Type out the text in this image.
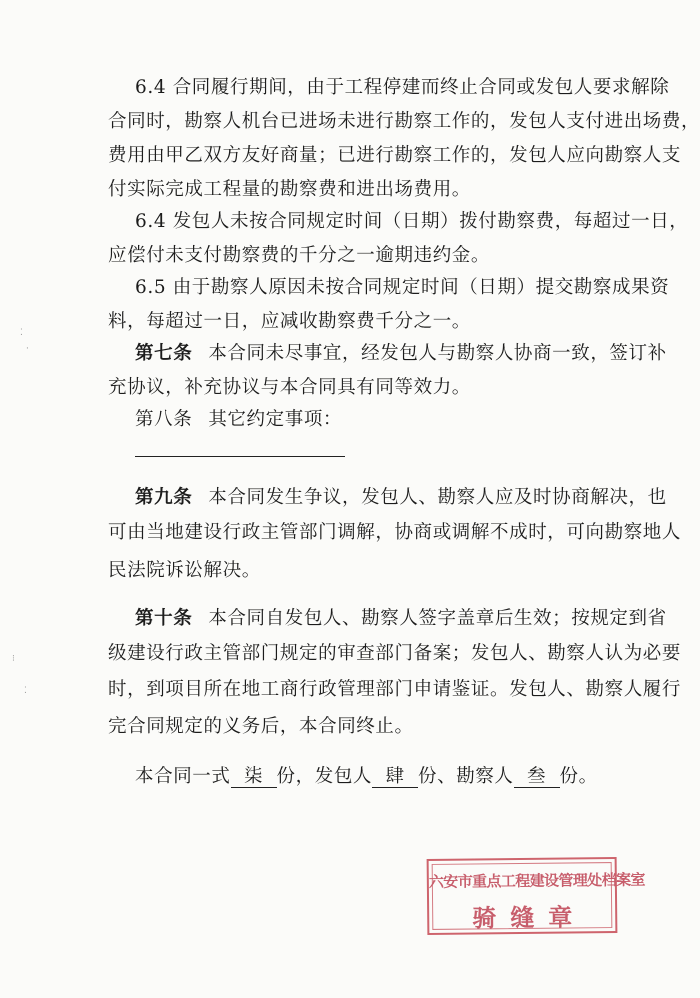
6.4 合同履行期间，由于工程停建而终止合同或发包人要求解除
合同时，勘察人机台已进场未进行勘察工作的，发包人支付进出场费，
费用由甲乙双方友好商量；已进行勘察工作的，发包人应向勘察人支
付实际完成工程量的勘察费和进出场费用。
6.4 发包人未按合同规定时间（日期）拨付勘察费，每超过一日，
应偿付未支付勘察费的千分之一逾期违约金。
6.5 由于勘察人原因未按合同规定时间（日期）提交勘察成果资
料，每超过一日，应减收勘察费千分之一。
第七条 本合同未尽事宜，经发包人与勘察人协商一致，签订补
充协议，补充协议与本合同具有同等效力。
第八条 其它约定事项：
第九条 本合同发生争议，发包人、勘察人应及时协商解决，也
可由当地建设行政主管部门调解，协商或调解不成时，可向勘察地人
民法院诉讼解决。
第十条 本合同自发包人、勘察人签字盖章后生效；按规定到省
级建设行政主管部门规定的审查部门备案；发包人、勘察人认为必要
时，到项目所在地工商行政管理部门申请鉴证。发包人、勘察人履行
完合同规定的义务后，本合同终止。
本合同一式 柒 份，发包人 肆 份、勘察人 叁 份。
⁚
·
⁝
⁚
六安市重点工程建设管理处档案室
骑缝章
